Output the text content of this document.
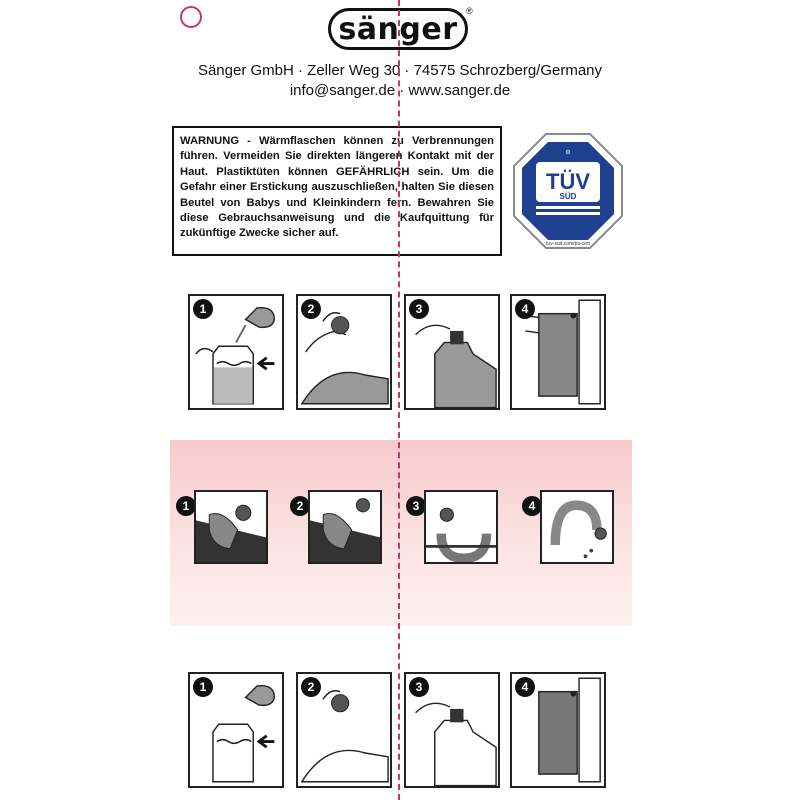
sänger
®
Sänger GmbH · Zeller Weg 30 · 74575 Schrozberg/Germany
info@sanger.de · www.sanger.de
WARNUNG - Wärmflaschen können zu Verbrennungen führen. Vermeiden Sie direkten längeren Kontakt mit der Haut. Plastiktüten können GEFÄHRLICH sein. Um die Gefahr einer Erstickung auszuschließen, halten Sie diesen Beutel von Babys und Kleinkindern fern. Bewahren Sie diese Gebrauchsanweisung und die Kaufquittung für zukünftige Zwecke sicher auf.
⚙
TÜV
SÜD
tuv-sud.com/ps-cert
1	2	3	4
1	2	3	4
1	2	3	4
